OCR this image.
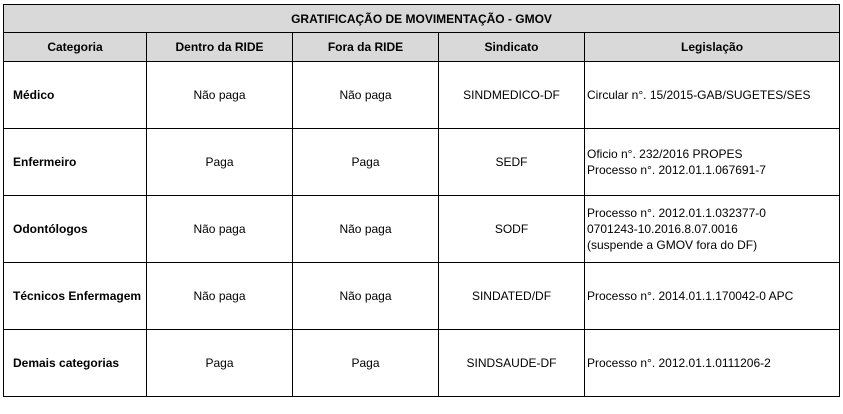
GRATIFICAÇÃO DE MOVIMENTAÇÃO - GMOV				
Categoria	Dentro da RIDE	Fora da RIDE	Sindicato	Legislação
Médico	Não paga	Não paga	SINDMEDICO-DF	Circular n°. 15/2015-GAB/SUGETES/SES

Enfermeiro	Paga	Paga	SEDF	Oficio n°. 232/2016 PROPES
Processo n°. 2012.01.1.067691-7

Odontólogos	Não paga	Não paga	SODF	Processo n°. 2012.01.1.032377-0
0701243-10.2016.8.07.0016
(suspende a GMOV fora do DF)

Técnicos Enfermagem	Não paga	Não paga	SINDATED/DF	Processo n°. 2014.01.1.170042-0 APC

Demais categorias	Paga	Paga	SINDSAUDE-DF	Processo n°. 2012.01.1.0111206-2
